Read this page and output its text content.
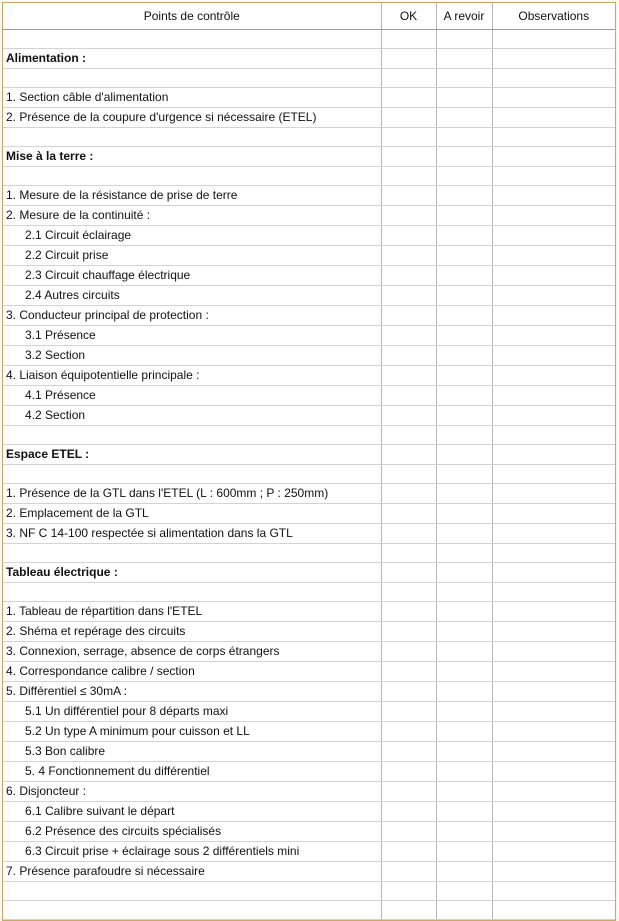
Points de contrôle	OK	A revoir	Observations

Alimentation :			

1. Section câble d'alimentation			
2. Présence de la coupure d'urgence si nécessaire (ETEL)			

Mise à la terre :			

1. Mesure de la résistance de prise de terre			
2. Mesure de la continuité :			
2.1 Circuit éclairage			
2.2 Circuit prise			
2.3 Circuit chauffage électrique			
2.4 Autres circuits			
3. Conducteur principal de protection :			
3.1 Présence			
3.2 Section			
4. Liaison équipotentielle principale :			
4.1 Présence			
4.2 Section			

Espace ETEL :			

1. Présence de la GTL dans l'ETEL (L : 600mm ; P : 250mm)			
2. Emplacement de la GTL			
3. NF C 14-100 respectée si alimentation dans la GTL			

Tableau électrique :			

1. Tableau de répartition dans l'ETEL			
2. Shéma et repérage des circuits			
3. Connexion, serrage, absence de corps étrangers			
4. Correspondance calibre / section			
5. Différentiel ≤ 30mA :			
5.1 Un différentiel pour 8 départs maxi			
5.2 Un type A minimum pour cuisson et LL			
5.3 Bon calibre			
5. 4 Fonctionnement du différentiel			
6. Disjoncteur :			
6.1 Calibre suivant le départ			
6.2 Présence des circuits spécialisés			
6.3 Circuit prise + éclairage sous 2 différentiels mini			
7. Présence parafoudre si nécessaire			
